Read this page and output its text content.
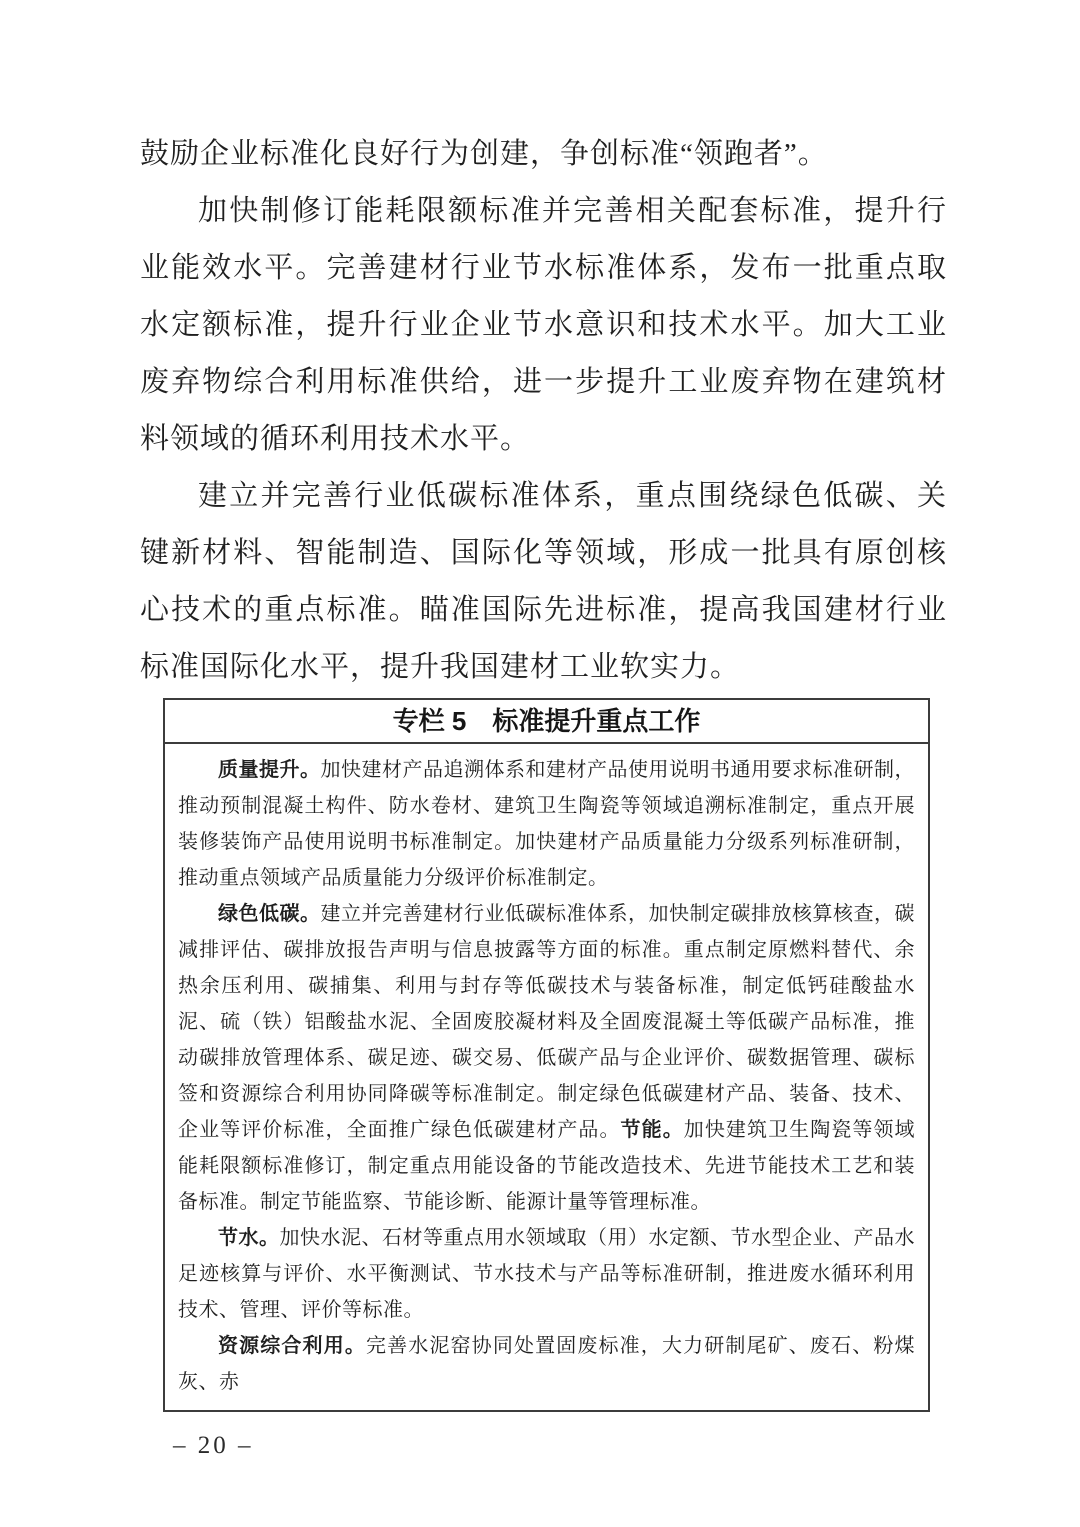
鼓励企业标准化良好行为创建，争创标准“领跑者”。

加快制修订能耗限额标准并完善相关配套标准，提升行业能效水平。完善建材行业节水标准体系，发布一批重点取水定额标准，提升行业企业节水意识和技术水平。加大工业废弃物综合利用标准供给，进一步提升工业废弃物在建筑材料领域的循环利用技术水平。

建立并完善行业低碳标准体系，重点围绕绿色低碳、关键新材料、智能制造、国际化等领域，形成一批具有原创核心技术的重点标准。瞄准国际先进标准，提高我国建材行业标准国际化水平，提升我国建材工业软实力。

专栏 5　标准提升重点工作

质量提升。加快建材产品追溯体系和建材产品使用说明书通用要求标准研制，推动预制混凝土构件、防水卷材、建筑卫生陶瓷等领域追溯标准制定，重点开展装修装饰产品使用说明书标准制定。加快建材产品质量能力分级系列标准研制，推动重点领域产品质量能力分级评价标准制定。

绿色低碳。建立并完善建材行业低碳标准体系，加快制定碳排放核算核查，碳减排评估、碳排放报告声明与信息披露等方面的标准。重点制定原燃料替代、余热余压利用、碳捕集、利用与封存等低碳技术与装备标准，制定低钙硅酸盐水泥、硫（铁）铝酸盐水泥、全固废胶凝材料及全固废混凝土等低碳产品标准，推动碳排放管理体系、碳足迹、碳交易、低碳产品与企业评价、碳数据管理、碳标签和资源综合利用协同降碳等标准制定。制定绿色低碳建材产品、装备、技术、企业等评价标准，全面推广绿色低碳建材产品。节能。加快建筑卫生陶瓷等领域能耗限额标准修订，制定重点用能设备的节能改造技术、先进节能技术工艺和装备标准。制定节能监察、节能诊断、能源计量等管理标准。

节水。加快水泥、石材等重点用水领域取（用）水定额、节水型企业、产品水足迹核算与评价、水平衡测试、节水技术与产品等标准研制，推进废水循环利用技术、管理、评价等标准。

资源综合利用。完善水泥窑协同处置固废标准，大力研制尾矿、废石、粉煤灰、赤

– 20 –
